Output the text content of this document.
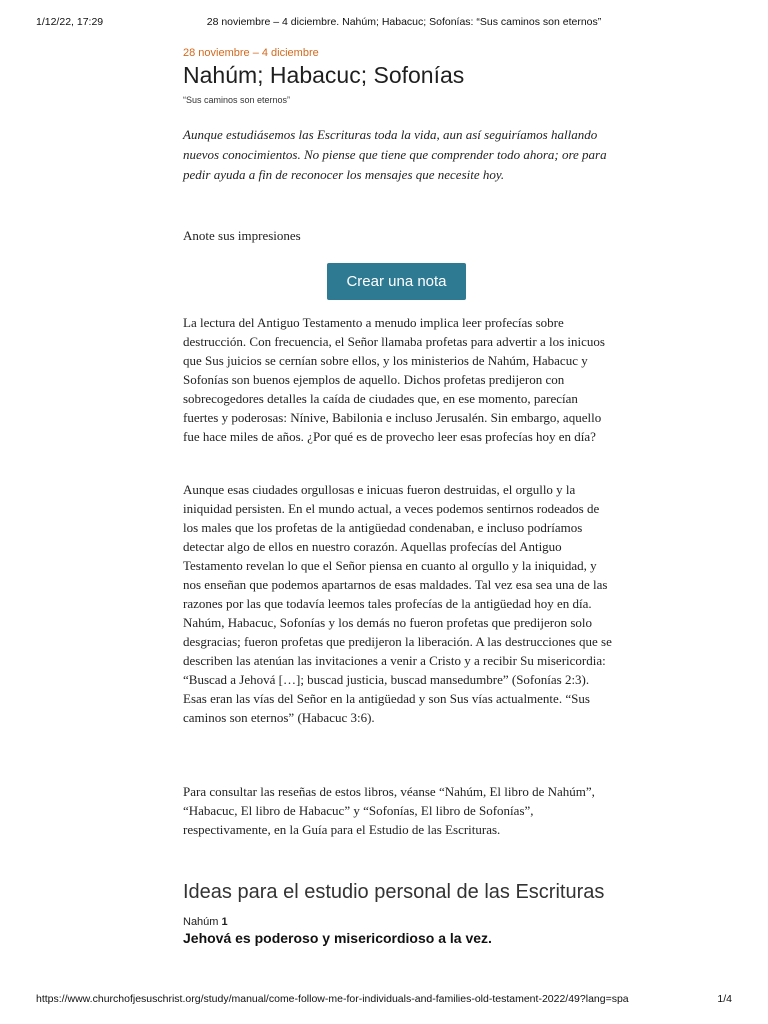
1/12/22, 17:29	28 noviembre – 4 diciembre. Nahúm; Habacuc; Sofonías: “Sus caminos son eternos”
28 noviembre – 4 diciembre
Nahúm; Habacuc; Sofonías
“Sus caminos son eternos”

Aunque estudiásemos las Escrituras toda la vida, aun así seguiríamos hallando nuevos conocimientos. No piense que tiene que comprender todo ahora; ore para pedir ayuda a fin de reconocer los mensajes que necesite hoy.

Anote sus impresiones
Crear una nota

La lectura del Antiguo Testamento a menudo implica leer profecías sobre destrucción. Con frecuencia, el Señor llamaba profetas para advertir a los inicuos que Sus juicios se cernían sobre ellos, y los ministerios de Nahúm, Habacuc y Sofonías son buenos ejemplos de aquello. Dichos profetas predijeron con sobrecogedores detalles la caída de ciudades que, en ese momento, parecían fuertes y poderosas: Nínive, Babilonia e incluso Jerusalén. Sin embargo, aquello fue hace miles de años. ¿Por qué es de provecho leer esas profecías hoy en día?

Aunque esas ciudades orgullosas e inicuas fueron destruidas, el orgullo y la iniquidad persisten. En el mundo actual, a veces podemos sentirnos rodeados de los males que los profetas de la antigüedad condenaban, e incluso podríamos detectar algo de ellos en nuestro corazón. Aquellas profecías del Antiguo Testamento revelan lo que el Señor piensa en cuanto al orgullo y la iniquidad, y nos enseñan que podemos apartarnos de esas maldades. Tal vez esa sea una de las razones por las que todavía leemos tales profecías de la antigüedad hoy en día. Nahúm, Habacuc, Sofonías y los demás no fueron profetas que predijeron solo desgracias; fueron profetas que predijeron la liberación. A las destrucciones que se describen las atenúan las invitaciones a venir a Cristo y a recibir Su misericordia: “Buscad a Jehová […]; buscad justicia, buscad mansedumbre” (Sofonías 2:3). Esas eran las vías del Señor en la antigüedad y son Sus vías actualmente. “Sus caminos son eternos” (Habacuc 3:6).

Para consultar las reseñas de estos libros, véanse “Nahúm, El libro de Nahúm”, “Habacuc, El libro de Habacuc” y “Sofonías, El libro de Sofonías”, respectivamente, en la Guía para el Estudio de las Escrituras.

Ideas para el estudio personal de las Escrituras
Nahúm 1
Jehová es poderoso y misericordioso a la vez.
https://www.churchofjesuschrist.org/study/manual/come-follow-me-for-individuals-and-families-old-testament-2022/49?lang=spa	1/4
